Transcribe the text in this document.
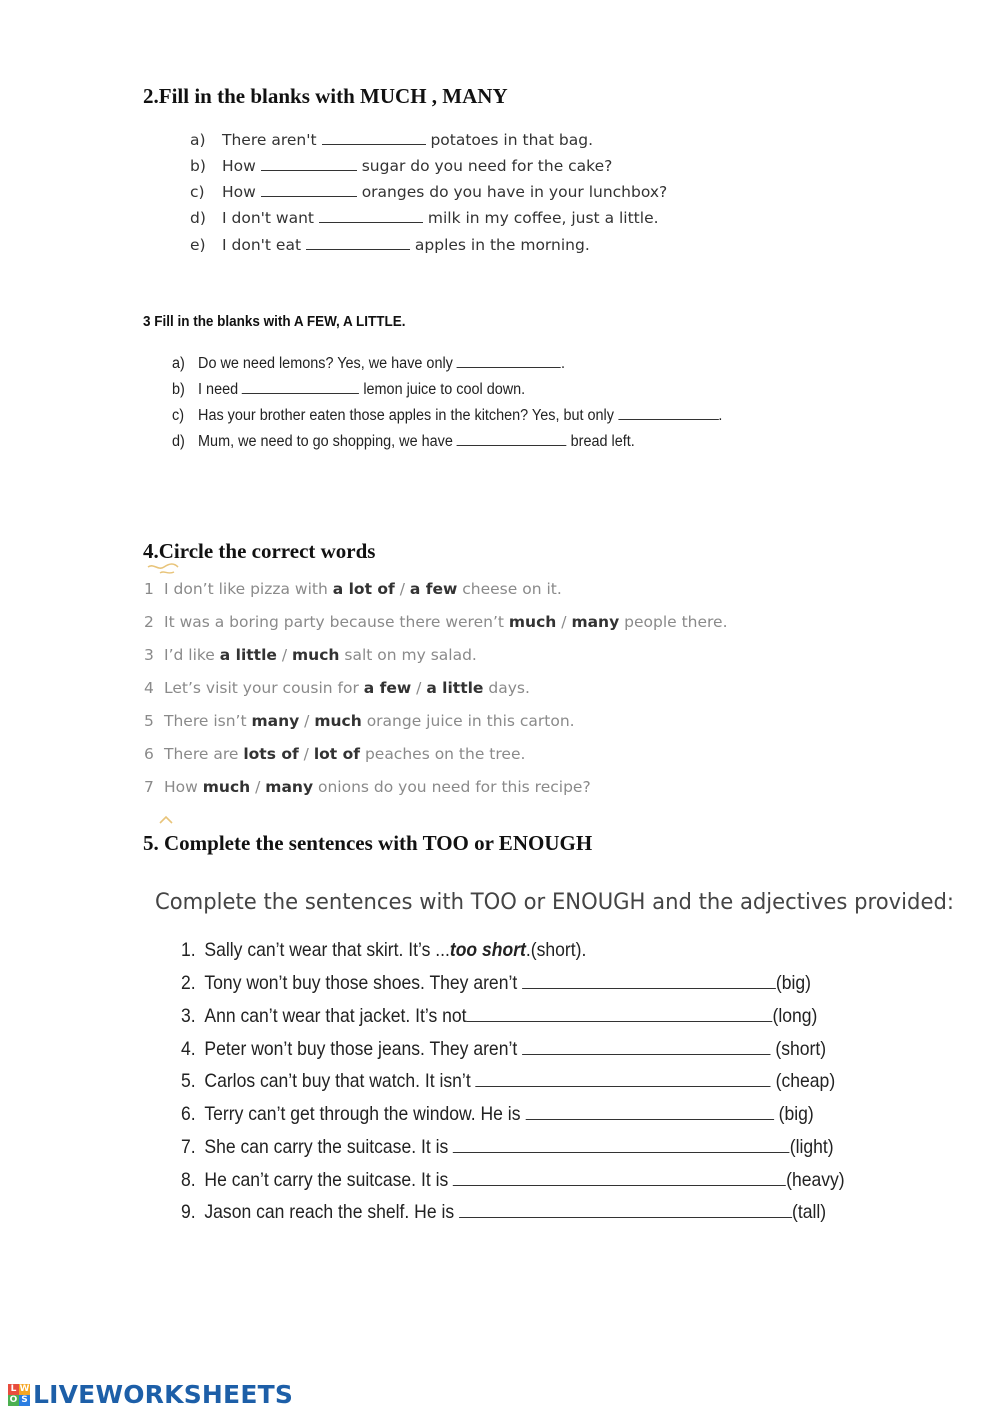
2.Fill in the blanks with MUCH , MANY
a) There aren't	potatoes in that bag.
b) How	sugar do you need for the cake?
c) How	oranges do you have in your lunchbox?
d) I don't want	milk in my coffee, just a little.
e) I don't eat	apples in the morning.
3 Fill in the blanks with A FEW, A LITTLE.
a) Do we need lemons? Yes, we have only	.
b) I need	lemon juice to cool down.
c) Has your brother eaten those apples in the kitchen? Yes, but only	.
d) Mum, we need to go shopping, we have	bread left.
4.Circle the correct words
1 I don’t like pizza with a lot of / a few cheese on it.
2 It was a boring party because there weren’t much / many people there.
3 I’d like a little / much salt on my salad.
4 Let’s visit your cousin for a few / a little days.
5 There isn’t many / much orange juice in this carton.
6 There are lots of / lot of peaches on the tree.
7 How much / many onions do you need for this recipe?
5. Complete the sentences with TOO or ENOUGH
Complete the sentences with TOO or ENOUGH and the adjectives provided:
1. Sally can’t wear that skirt. It’s ...too short.(short).
2. Tony won’t buy those shoes. They aren’t	(big)
3. Ann can’t wear that jacket. It’s not	(long)
4. Peter won’t buy those jeans. They aren’t	(short)
5. Carlos can’t buy that watch. It isn’t	(cheap)
6. Terry can’t get through the window. He is	(big)
7. She can carry the suitcase. It is	(light)
8. He can’t carry the suitcase. It is	(heavy)
9. Jason can reach the shelf. He is	(tall)
L W
O S LIVEWORKSHEETS
